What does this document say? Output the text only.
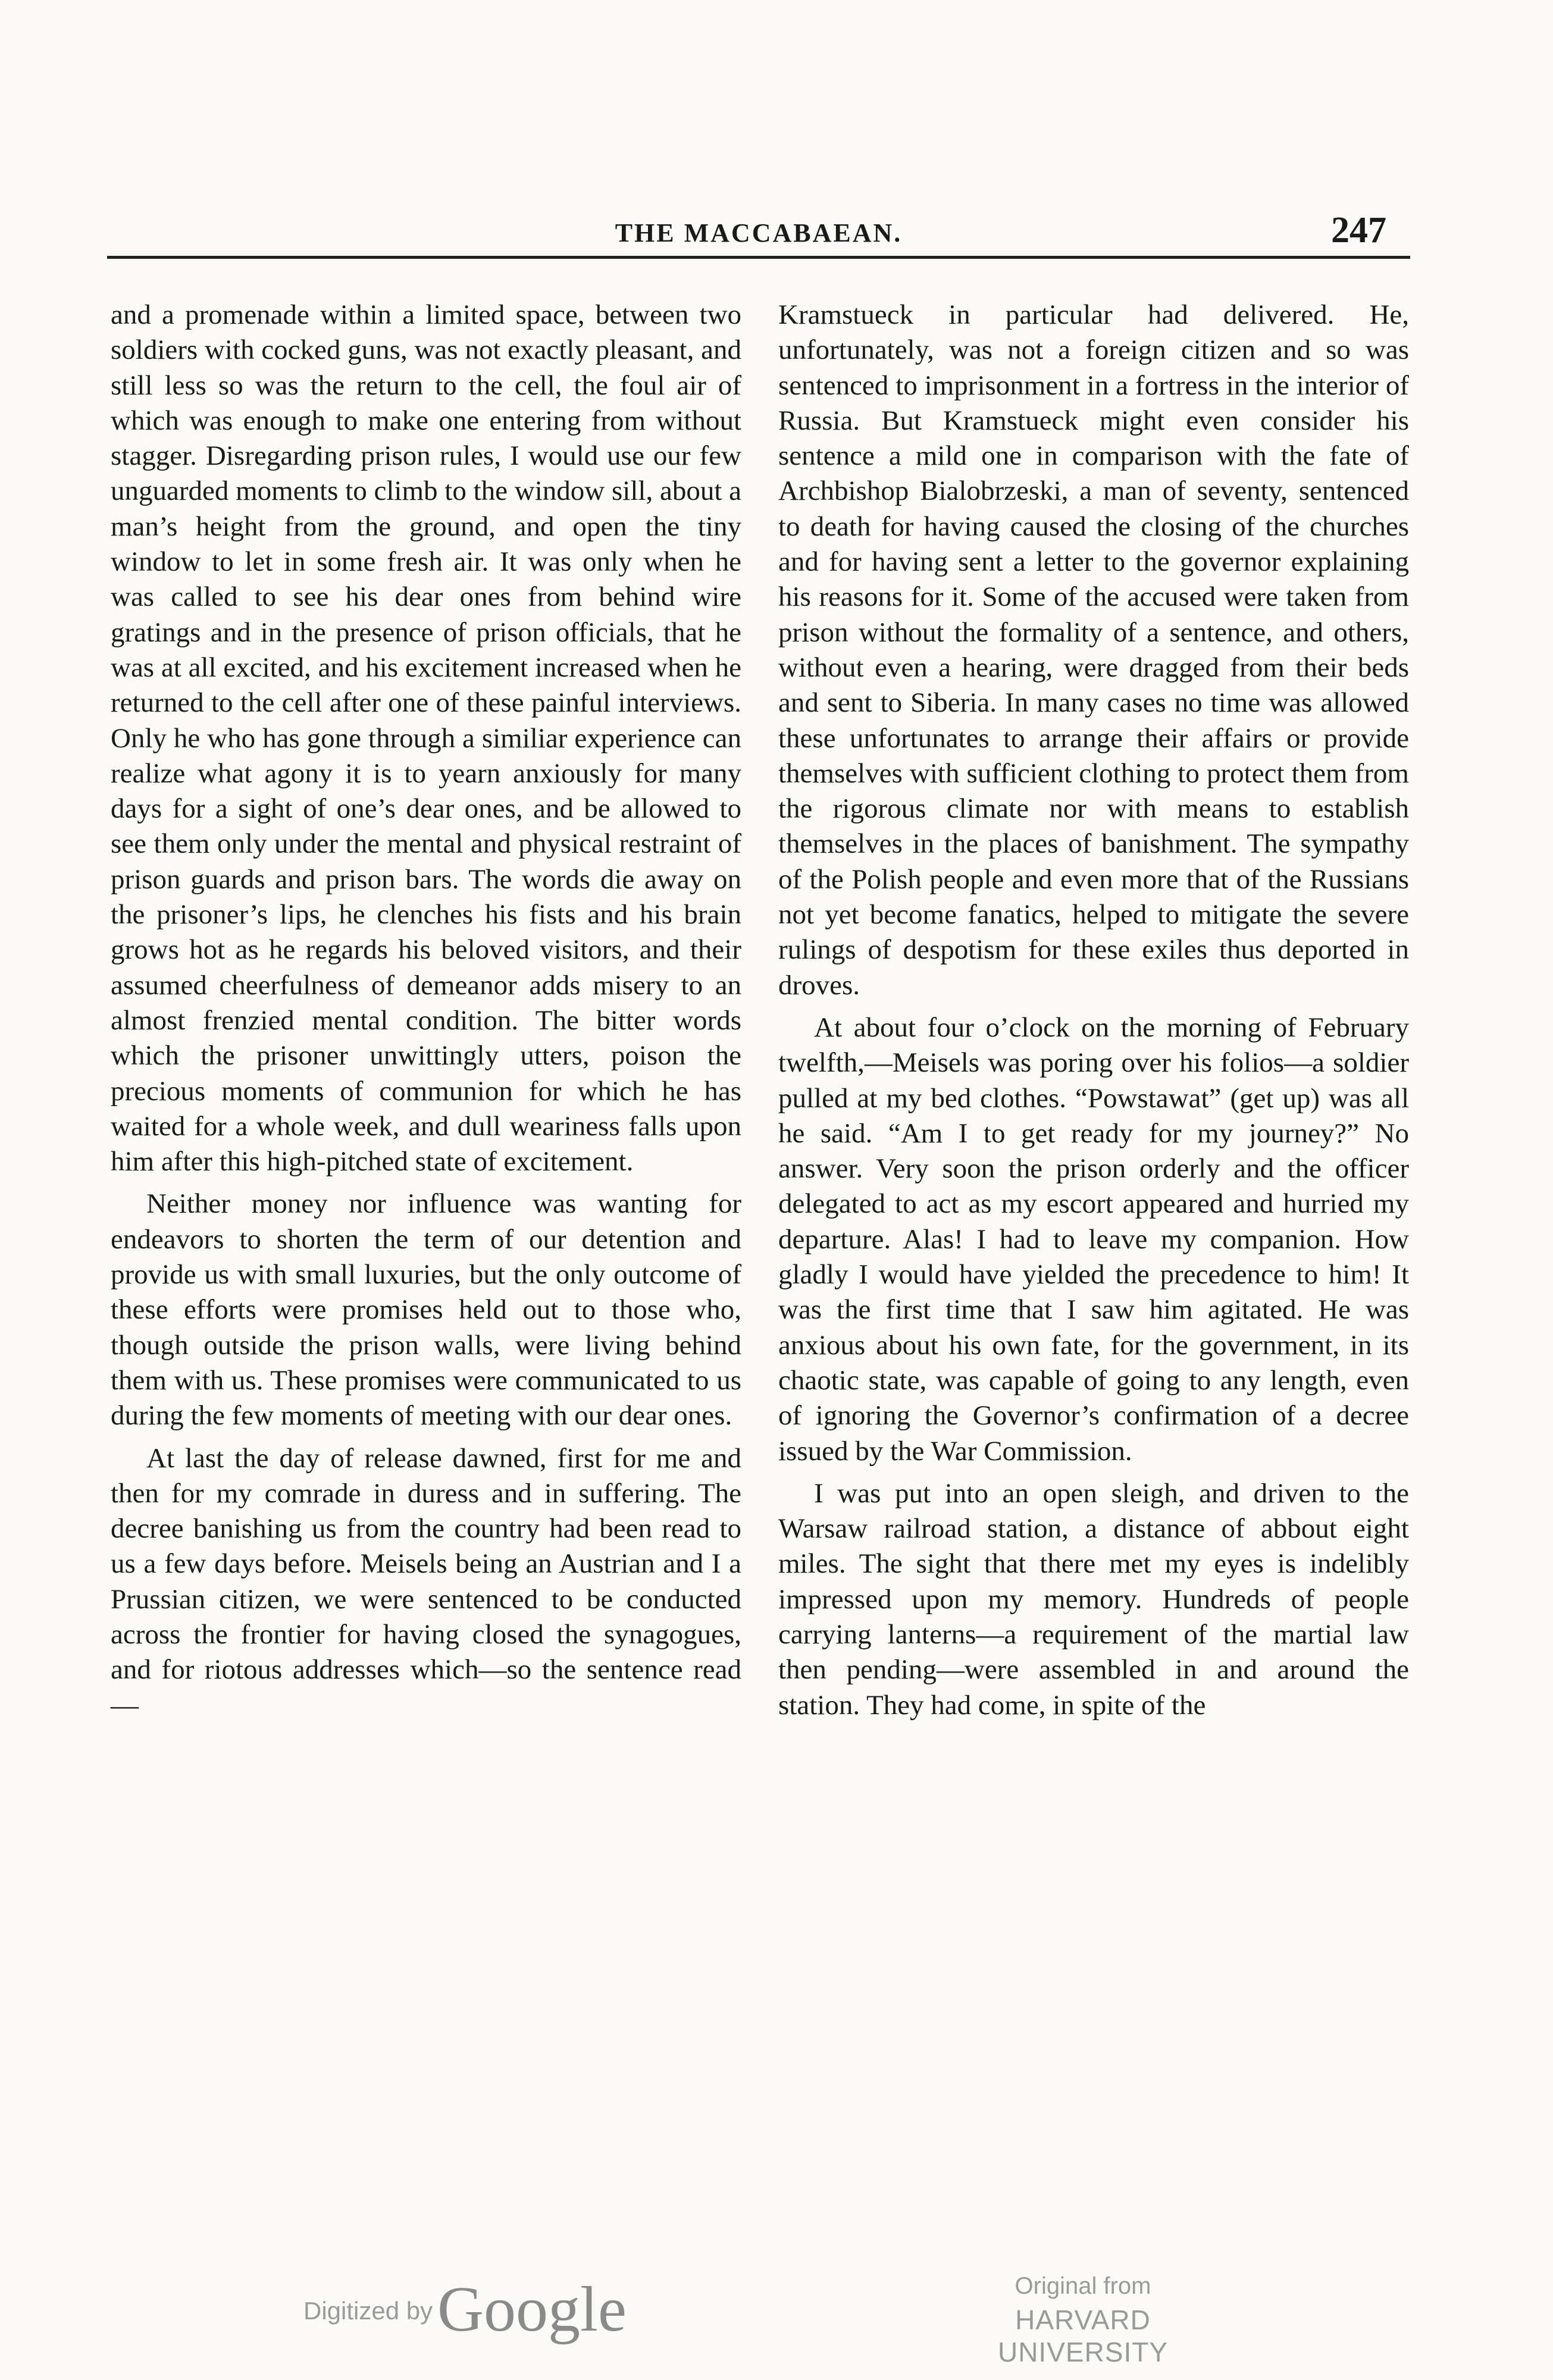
THE MACCABAEAN.	247

and a promenade within a limited space, between two soldiers with cocked guns, was not exactly pleasant, and still less so was the return to the cell, the foul air of which was enough to make one entering from without stagger. Disregarding prison rules, I would use our few unguarded moments to climb to the window sill, about a man’s height from the ground, and open the tiny window to let in some fresh air. It was only when he was called to see his dear ones from behind wire gratings and in the presence of prison officials, that he was at all excited, and his excitement increased when he returned to the cell after one of these painful interviews. Only he who has gone through a similiar experience can realize what agony it is to yearn anxiously for many days for a sight of one’s dear ones, and be allowed to see them only under the mental and physical restraint of prison guards and prison bars. The words die away on the prisoner’s lips, he clenches his fists and his brain grows hot as he regards his beloved visitors, and their assumed cheerfulness of demeanor adds misery to an almost frenzied mental condition. The bitter words which the prisoner unwittingly utters, poison the precious moments of communion for which he has waited for a whole week, and dull weariness falls upon him after this high-pitched state of excitement.

Neither money nor influence was wanting for endeavors to shorten the term of our detention and provide us with small luxuries, but the only outcome of these efforts were promises held out to those who, though outside the prison walls, were living behind them with us. These promises were communicated to us during the few moments of meeting with our dear ones.

At last the day of release dawned, first for me and then for my comrade in duress and in suffering. The decree banishing us from the country had been read to us a few days before. Meisels being an Austrian and I a Prussian citizen, we were sentenced to be conducted across the frontier for having closed the synagogues, and for riotous addresses which—so the sentence read—

Kramstueck in particular had delivered. He, unfortunately, was not a foreign citizen and so was sentenced to imprisonment in a fortress in the interior of Russia. But Kramstueck might even consider his sentence a mild one in comparison with the fate of Archbishop Bialobrzeski, a man of seventy, sentenced to death for having caused the closing of the churches and for having sent a letter to the governor explaining his reasons for it. Some of the accused were taken from prison without the formality of a sentence, and others, without even a hearing, were dragged from their beds and sent to Siberia. In many cases no time was allowed these unfortunates to arrange their affairs or provide themselves with sufficient clothing to protect them from the rigorous climate nor with means to establish themselves in the places of banishment. The sympathy of the Polish people and even more that of the Russians not yet become fanatics, helped to mitigate the severe rulings of despotism for these exiles thus deported in droves.

At about four o’clock on the morning of February twelfth,—Meisels was poring over his folios—a soldier pulled at my bed clothes. “Powstawat” (get up) was all he said. “Am I to get ready for my journey?” No answer. Very soon the prison orderly and the officer delegated to act as my escort appeared and hurried my departure. Alas! I had to leave my companion. How gladly I would have yielded the precedence to him! It was the first time that I saw him agitated. He was anxious about his own fate, for the government, in its chaotic state, was capable of going to any length, even of ignoring the Governor’s confirmation of a decree issued by the War Commission.

I was put into an open sleigh, and driven to the Warsaw railroad station, a distance of abbout eight miles. The sight that there met my eyes is indelibly impressed upon my memory. Hundreds of people carrying lanterns—a requirement of the martial law then pending—were assembled in and around the station. They had come, in spite of the

Digitized by Google	Original from
HARVARD UNIVERSITY
